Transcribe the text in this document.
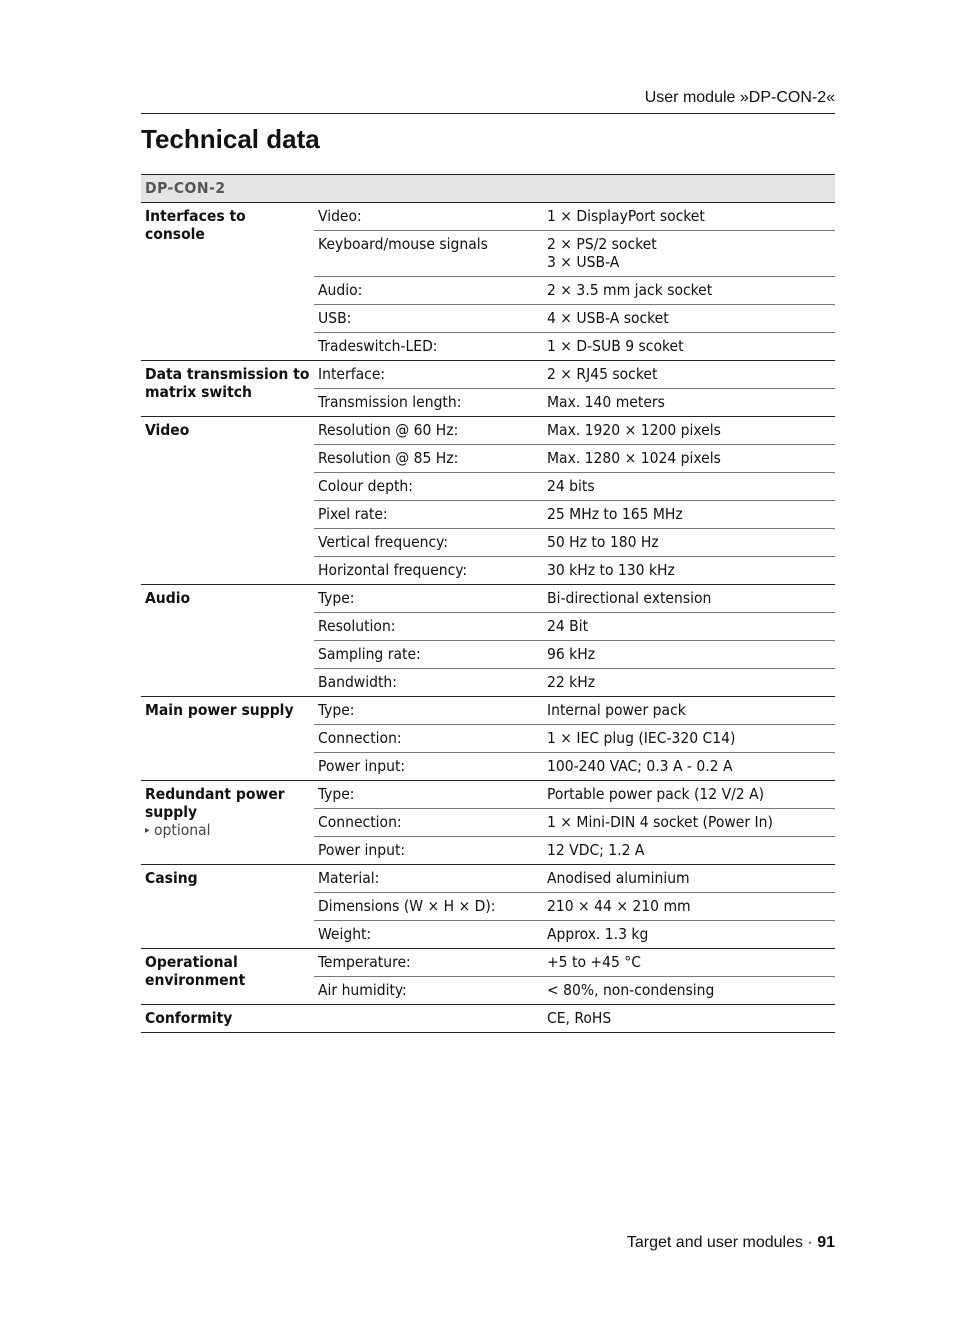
User module »DP-CON-2«
Technical data
DP-CON-2		
Interfaces to console	Video:	1 × DisplayPort socket
	Keyboard/mouse signals	2 × PS/2 socket
3 × USB-A

	Audio:	2 × 3.5 mm jack socket
	USB:	4 × USB-A socket
	Tradeswitch-LED:	1 × D-SUB 9 scoket
Data transmission to matrix switch	Interface:	2 × RJ45 socket
	Transmission length:	Max. 140 meters
Video	Resolution @ 60 Hz:	Max. 1920 × 1200 pixels
	Resolution @ 85 Hz:	Max. 1280 × 1024 pixels
	Colour depth:	24 bits
	Pixel rate:	25 MHz to 165 MHz
	Vertical frequency:	50 Hz to 180 Hz
	Horizontal frequency:	30 kHz to 130 kHz
Audio	Type:	Bi-directional extension
	Resolution:	24 Bit
	Sampling rate:	96 kHz
	Bandwidth:	22 kHz
Main power supply	Type:	Internal power pack
	Connection:	1 × IEC plug (IEC-320 C14)
	Power input:	100-240 VAC; 0.3 A - 0.2 A
Redundant power supply
▸ optional	Type:	Portable power pack (12 V/2 A)
	Connection:	1 × Mini-DIN 4 socket (Power In)
	Power input:	12 VDC; 1.2 A
Casing	Material:	Anodised aluminium
	Dimensions (W × H × D):	210 × 44 × 210 mm
	Weight:	Approx. 1.3 kg
Operational environment	Temperature:	+5 to +45 °C
	Air humidity:	< 80%, non-condensing
Conformity		CE, RoHS
Target and user modules · 91
